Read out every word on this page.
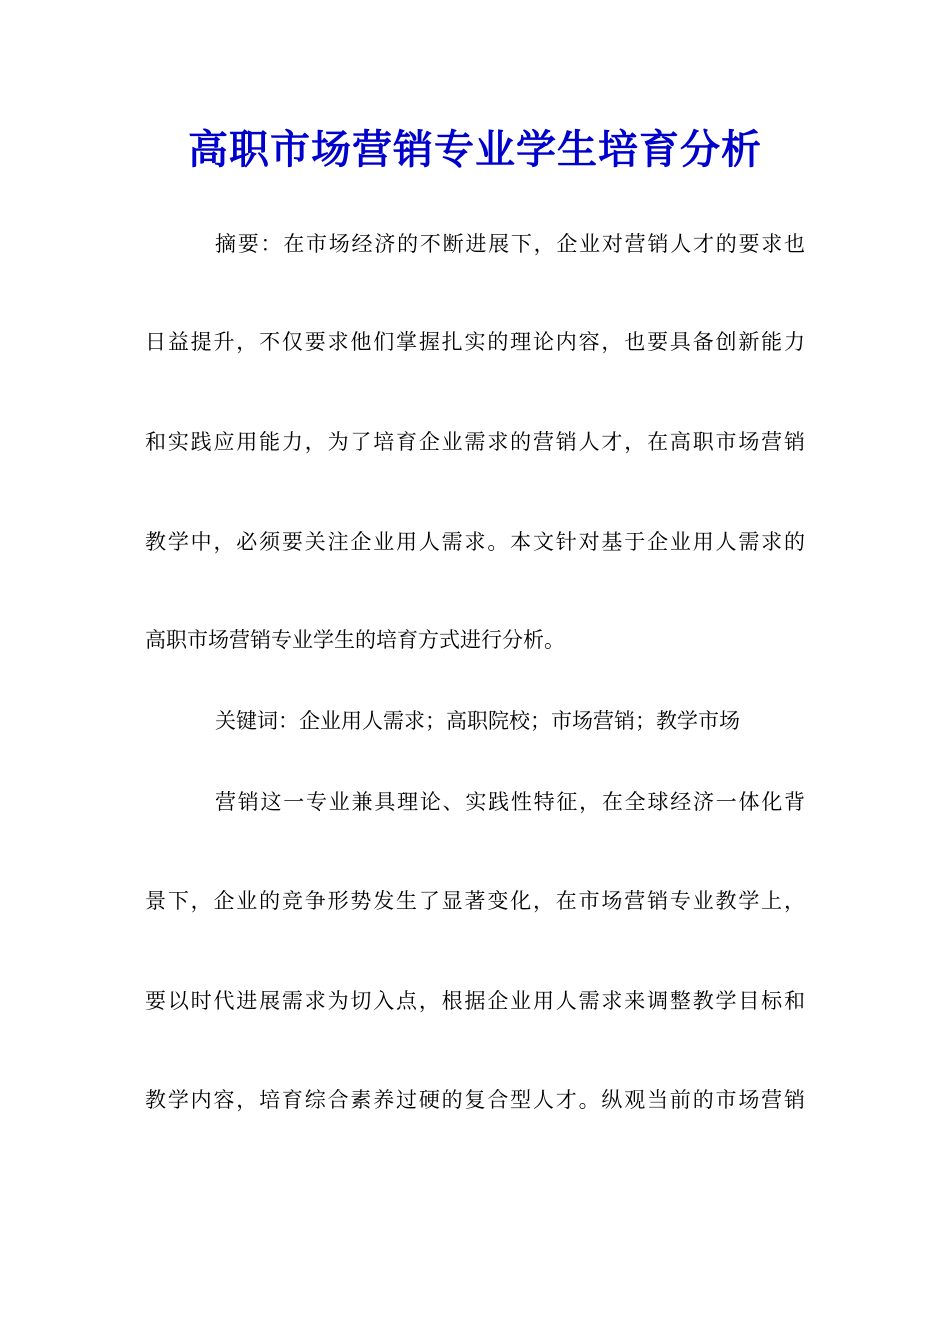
高职市场营销专业学生培育分析
摘要：在市场经济的不断进展下，企业对营销人才的要求也
日益提升，不仅要求他们掌握扎实的理论内容，也要具备创新能力
和实践应用能力，为了培育企业需求的营销人才，在高职市场营销
教学中，必须要关注企业用人需求。本文针对基于企业用人需求的
高职市场营销专业学生的培育方式进行分析。
关键词：企业用人需求；高职院校；市场营销；教学市场
营销这一专业兼具理论、实践性特征，在全球经济一体化背
景下，企业的竞争形势发生了显著变化，在市场营销专业教学上，
要以时代进展需求为切入点，根据企业用人需求来调整教学目标和
教学内容，培育综合素养过硬的复合型人才。纵观当前的市场营销
